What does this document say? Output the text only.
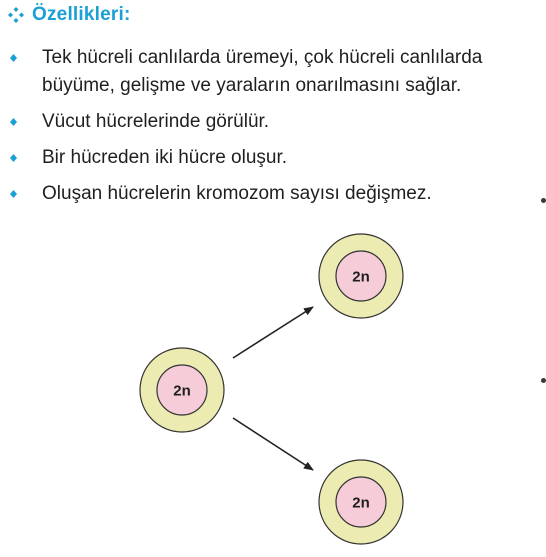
Özellikleri:
Tek hücreli canlılarda üremeyi, çok hücreli canlılarda büyüme, gelişme ve yaraların onarılmasını sağlar.
Vücut hücrelerinde görülür.
Bir hücreden iki hücre oluşur.
Oluşan hücrelerin kromozom sayısı değişmez.
2n
2n
2n
